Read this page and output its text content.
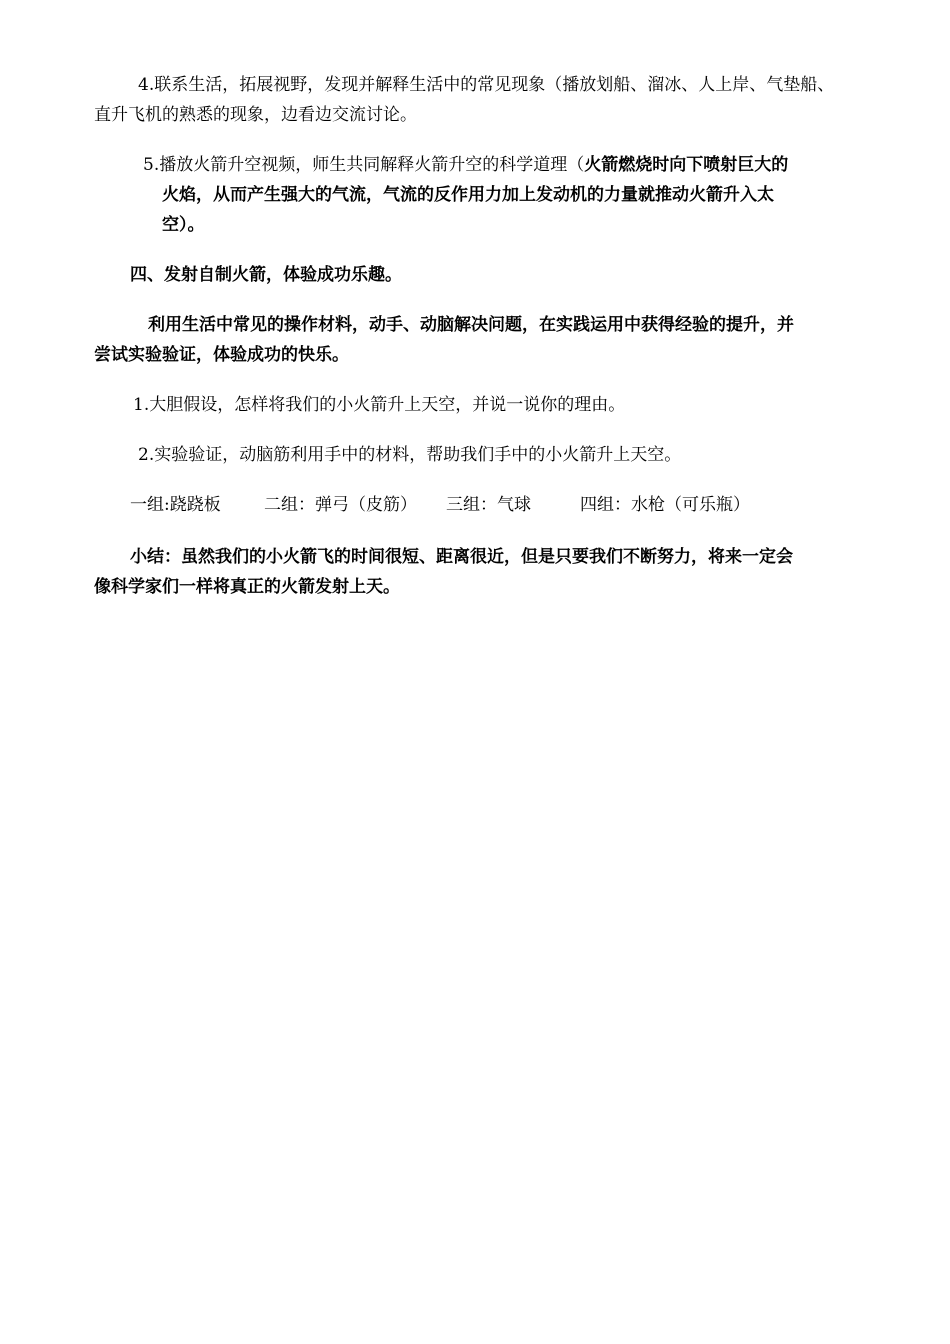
4.联系生活，拓展视野，发现并解释生活中的常见现象（播放划船、溜冰、人上岸、气垫船、
直升飞机的熟悉的现象，边看边交流讨论。
5.播放火箭升空视频，师生共同解释火箭升空的科学道理（火箭燃烧时向下喷射巨大的
火焰，从而产生强大的气流，气流的反作用力加上发动机的力量就推动火箭升入太
空）。
四、发射自制火箭，体验成功乐趣。
利用生活中常见的操作材料，动手、动脑解决问题，在实践运用中获得经验的提升，并
尝试实验验证，体验成功的快乐。
1.大胆假设，怎样将我们的小火箭升上天空，并说一说你的理由。
2.实验验证，动脑筋利用手中的材料，帮助我们手中的小火箭升上天空。
一组:跷跷板	二组：弹弓（皮筋） 三组：气球	四组：水枪（可乐瓶）
小结：虽然我们的小火箭飞的时间很短、距离很近，但是只要我们不断努力，将来一定会
像科学家们一样将真正的火箭发射上天。
